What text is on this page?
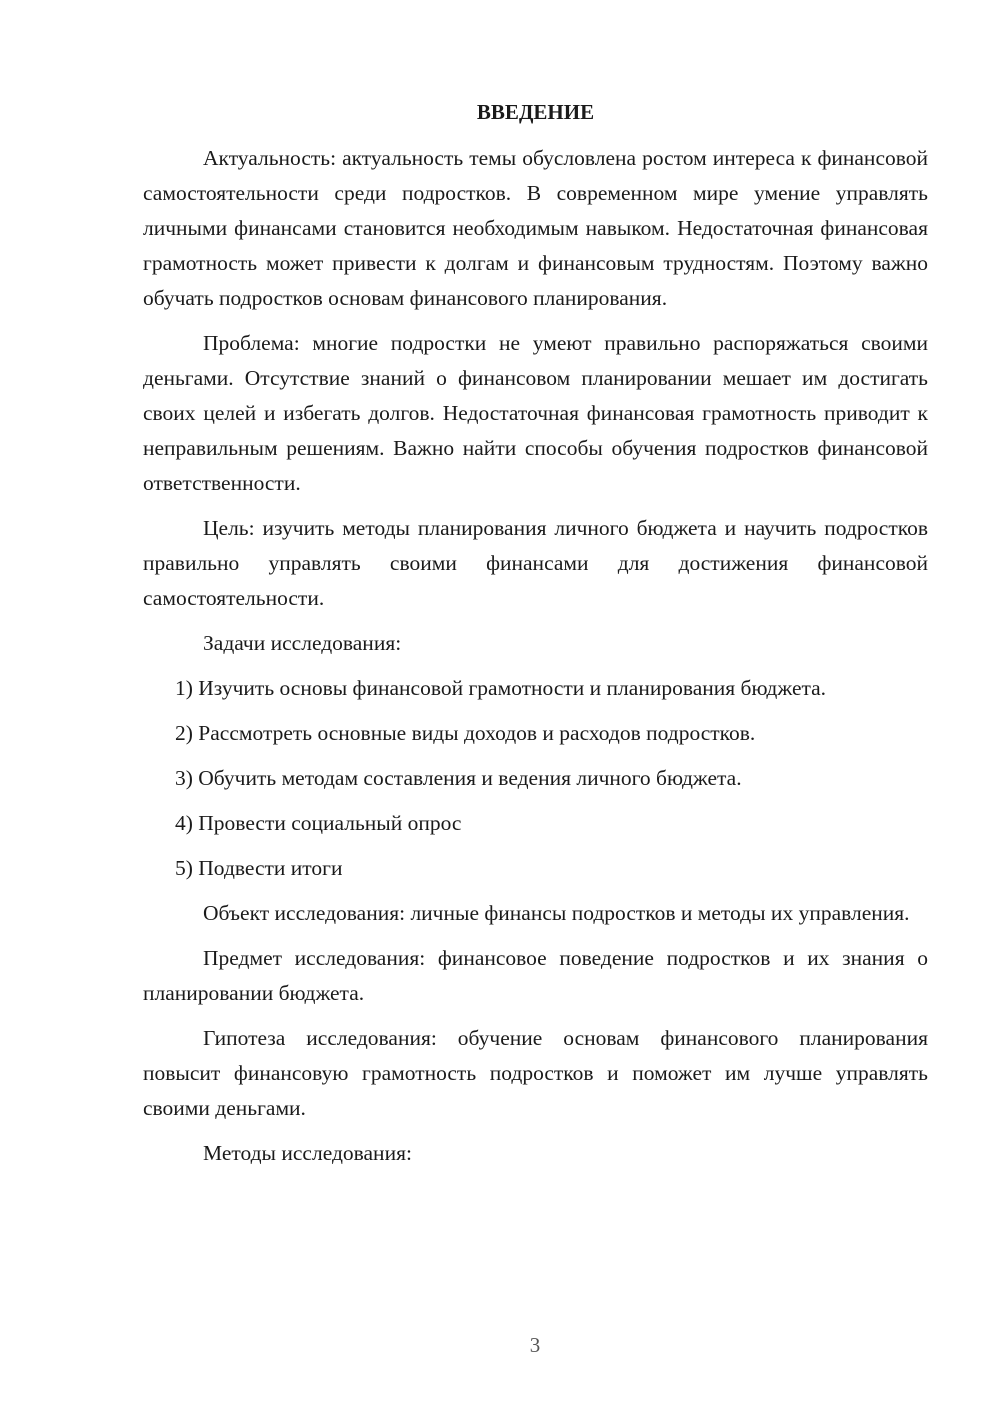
ВВЕДЕНИЕ

Актуальность: актуальность темы обусловлена ростом интереса к финансовой самостоятельности среди подростков. В современном мире умение управлять личными финансами становится необходимым навыком. Недостаточная финансовая грамотность может привести к долгам и финансовым трудностям. Поэтому важно обучать подростков основам финансового планирования.

Проблема: многие подростки не умеют правильно распоряжаться своими деньгами. Отсутствие знаний о финансовом планировании мешает им достигать своих целей и избегать долгов. Недостаточная финансовая грамотность приводит к неправильным решениям. Важно найти способы обучения подростков финансовой ответственности.

Цель: изучить методы планирования личного бюджета и научить подростков правильно управлять своими финансами для достижения финансовой самостоятельности.

Задачи исследования:

1) Изучить основы финансовой грамотности и планирования бюджета.

2) Рассмотреть основные виды доходов и расходов подростков.

3) Обучить методам составления и ведения личного бюджета.

4) Провести социальный опрос

5) Подвести итоги

Объект исследования: личные финансы подростков и методы их управления.

Предмет исследования: финансовое поведение подростков и их знания о планировании бюджета.

Гипотеза исследования: обучение основам финансового планирования повысит финансовую грамотность подростков и поможет им лучше управлять своими деньгами.

Методы исследования:

3
